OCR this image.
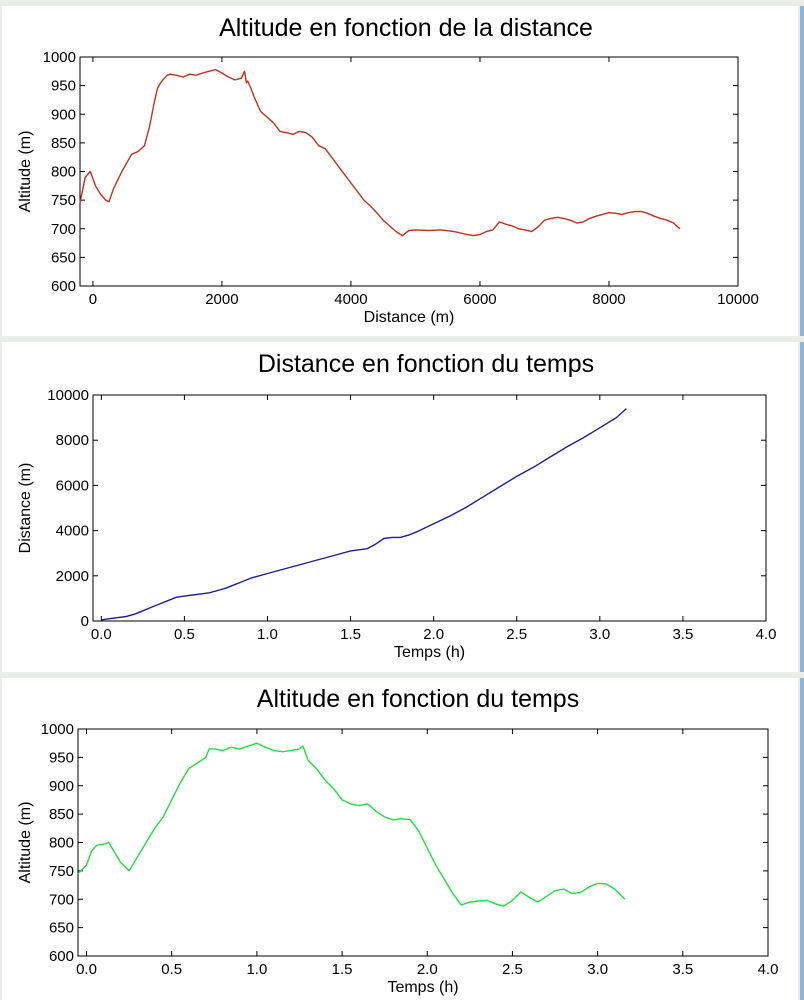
Altitude en fonction de la distance
Distance en fonction du temps
Altitude en fonction du temps
0	2000	4000	6000	8000	10000
600
650
700
750
800
850
900
950
1000
Distance (m)
Altitude (m)
0.0	0.5	1.0	1.5	2.0	2.5	3.0	3.5	4.0
0
2000
4000
6000
8000
10000
Temps (h)
Distance (m)
0.0	0.5	1.0	1.5	2.0	2.5	3.0	3.5	4.0
600
650
700
750
800
850
900
950
1000
Temps (h)
Altitude (m)
